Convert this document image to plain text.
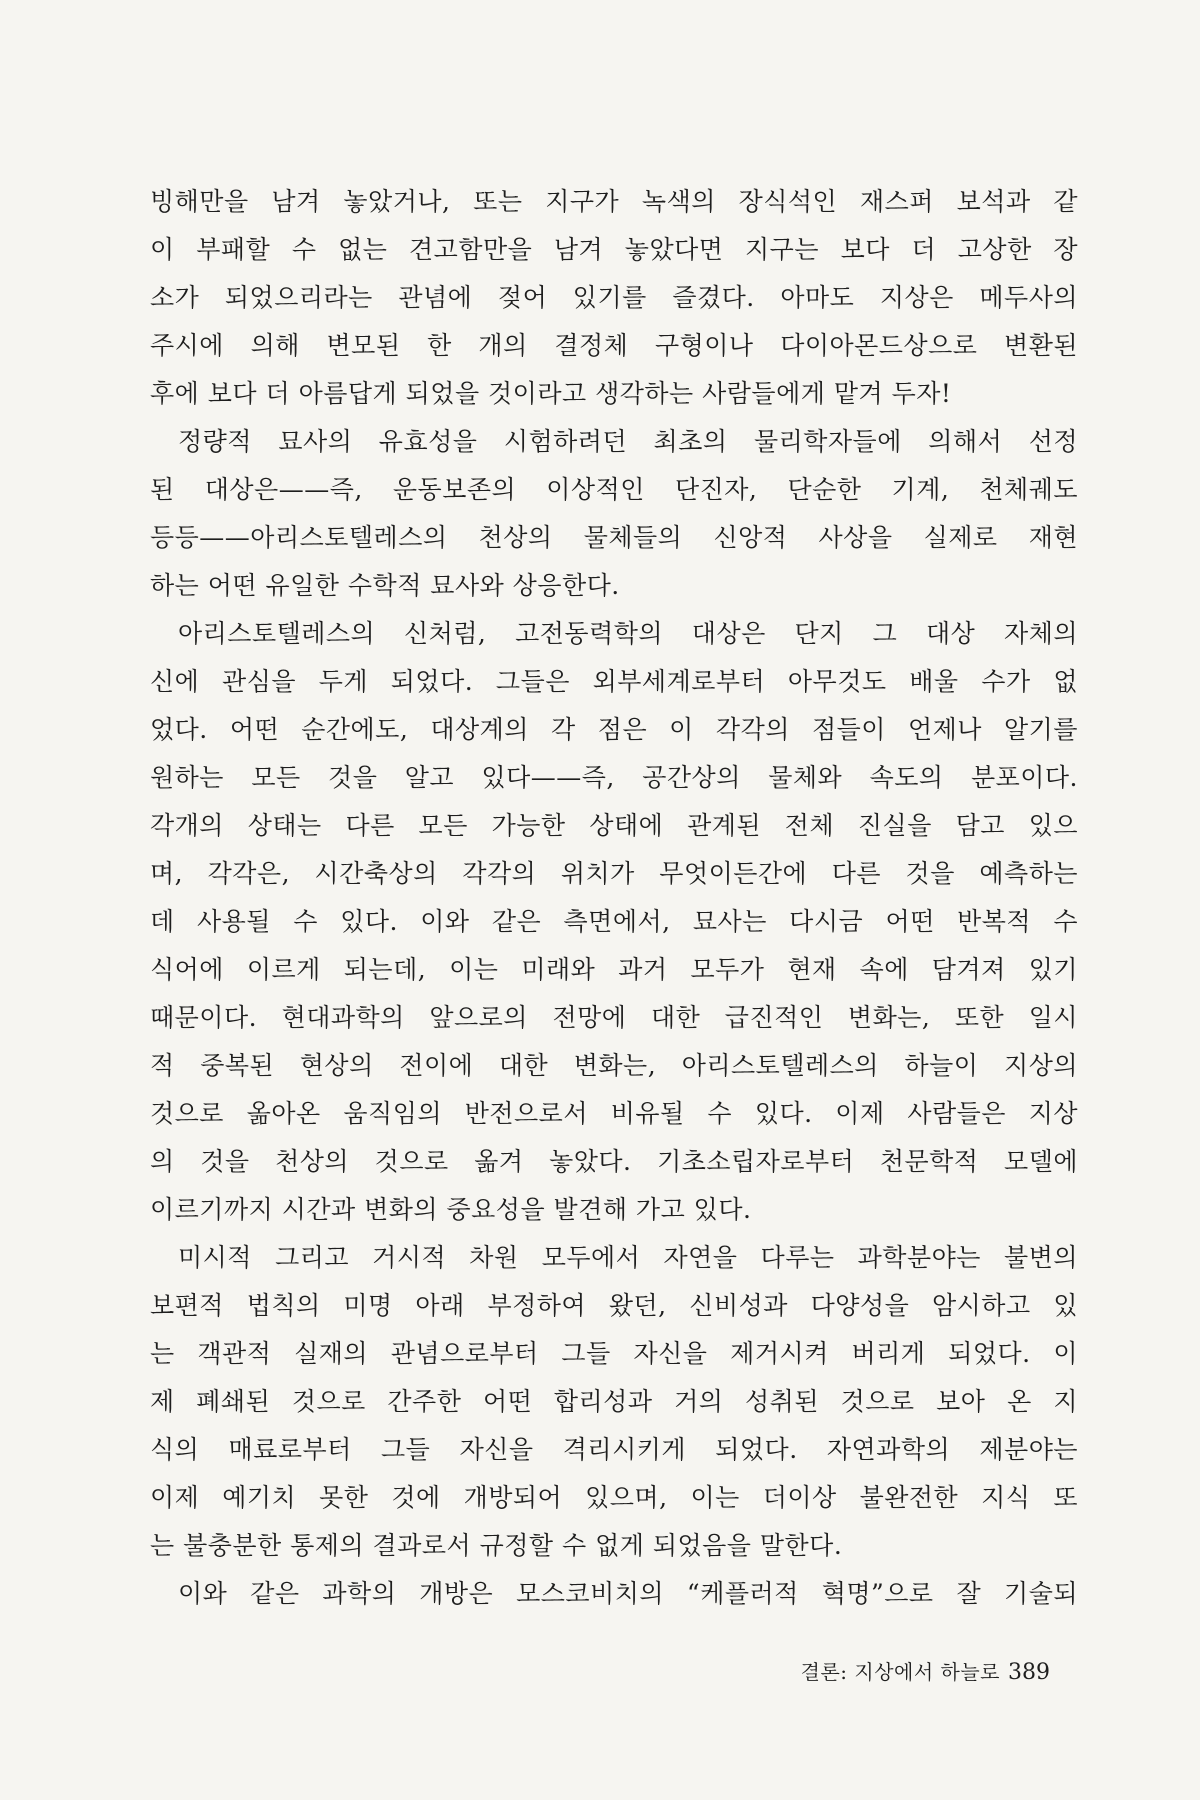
빙해만을 남겨 놓았거나, 또는 지구가 녹색의 장식석인 재스퍼 보석과 같
이 부패할 수 없는 견고함만을 남겨 놓았다면 지구는 보다 더 고상한 장
소가 되었으리라는 관념에 젖어 있기를 즐겼다. 아마도 지상은 메두사의
주시에 의해 변모된 한 개의 결정체 구형이나 다이아몬드상으로 변환된
후에 보다 더 아름답게 되었을 것이라고 생각하는 사람들에게 맡겨 두자!
정량적 묘사의 유효성을 시험하려던 최초의 물리학자들에 의해서 선정
된 대상은——즉, 운동보존의 이상적인 단진자, 단순한 기계, 천체궤도
등등——아리스토텔레스의 천상의 물체들의 신앙적 사상을 실제로 재현
하는 어떤 유일한 수학적 묘사와 상응한다.
아리스토텔레스의 신처럼, 고전동력학의 대상은 단지 그 대상 자체의
신에 관심을 두게 되었다. 그들은 외부세계로부터 아무것도 배울 수가 없
었다. 어떤 순간에도, 대상계의 각 점은 이 각각의 점들이 언제나 알기를
원하는 모든 것을 알고 있다——즉, 공간상의 물체와 속도의 분포이다.
각개의 상태는 다른 모든 가능한 상태에 관계된 전체 진실을 담고 있으
며, 각각은, 시간축상의 각각의 위치가 무엇이든간에 다른 것을 예측하는
데 사용될 수 있다. 이와 같은 측면에서, 묘사는 다시금 어떤 반복적 수
식어에 이르게 되는데, 이는 미래와 과거 모두가 현재 속에 담겨져 있기
때문이다. 현대과학의 앞으로의 전망에 대한 급진적인 변화는, 또한 일시
적 중복된 현상의 전이에 대한 변화는, 아리스토텔레스의 하늘이 지상의
것으로 옮아온 움직임의 반전으로서 비유될 수 있다. 이제 사람들은 지상
의 것을 천상의 것으로 옮겨 놓았다. 기초소립자로부터 천문학적 모델에
이르기까지 시간과 변화의 중요성을 발견해 가고 있다.
미시적 그리고 거시적 차원 모두에서 자연을 다루는 과학분야는 불변의
보편적 법칙의 미명 아래 부정하여 왔던, 신비성과 다양성을 암시하고 있
는 객관적 실재의 관념으로부터 그들 자신을 제거시켜 버리게 되었다. 이
제 폐쇄된 것으로 간주한 어떤 합리성과 거의 성취된 것으로 보아 온 지
식의 매료로부터 그들 자신을 격리시키게 되었다. 자연과학의 제분야는
이제 예기치 못한 것에 개방되어 있으며, 이는 더이상 불완전한 지식 또
는 불충분한 통제의 결과로서 규정할 수 없게 되었음을 말한다.
이와 같은 과학의 개방은 모스코비치의 “케플러적 혁명”으로 잘 기술되
결론: 지상에서 하늘로 389
